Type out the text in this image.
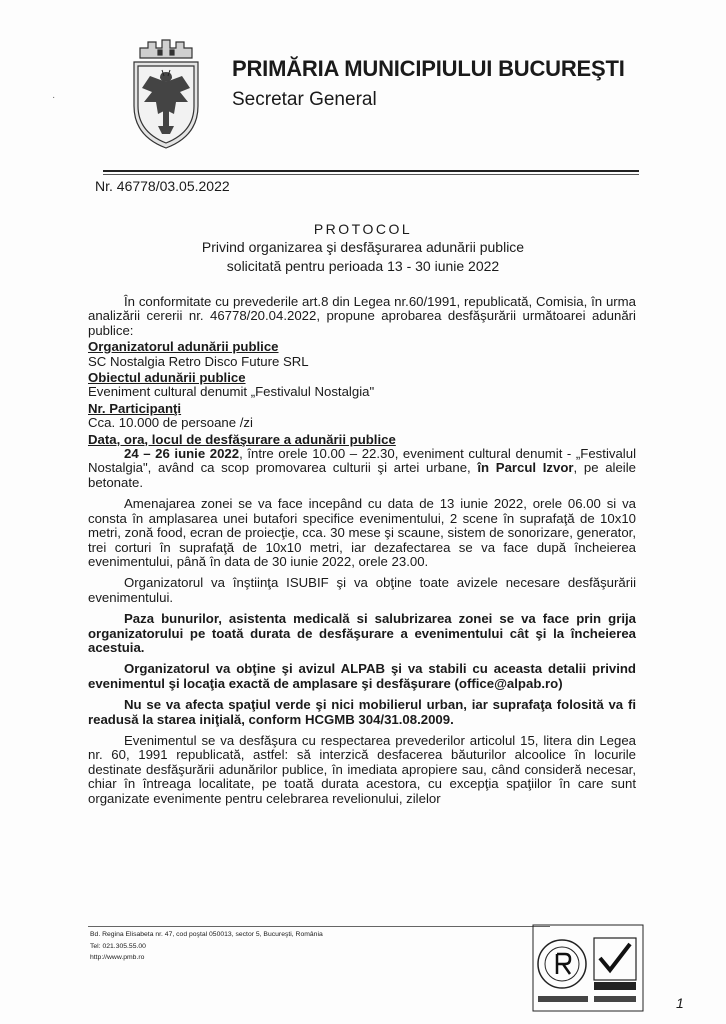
PRIMĂRIA MUNICIPIULUI BUCUREŞTI
Secretar General
·
Nr. 46778/03.05.2022
PROTOCOL
Privind organizarea şi desfăşurarea adunării publice
solicitată pentru perioada 13 - 30 iunie 2022

În conformitate cu prevederile art.8 din Legea nr.60/1991, republicată, Comisia, în urma analizării cererii nr. 46778/20.04.2022, propune aprobarea desfăşurării următoarei adunări publice:

Organizatorul adunării publice

SC Nostalgia Retro Disco Future SRL

Obiectul adunării publice

Eveniment cultural denumit „Festivalul Nostalgia"

Nr. Participanţi

Cca. 10.000 de persoane /zi

Data, ora, locul de desfăşurare a adunării publice

24 – 26 iunie 2022, între orele 10.00 – 22.30, eveniment cultural denumit - „Festivalul Nostalgia", având ca scop promovarea culturii şi artei urbane, în Parcul Izvor, pe aleile betonate.

Amenajarea zonei se va face incepând cu data de 13 iunie 2022, orele 06.00 si va consta în amplasarea unei butafori specifice evenimentului, 2 scene în suprafaţă de 10x10 metri, zonă food, ecran de proiecţie, cca. 30 mese şi scaune, sistem de sonorizare, generator, trei corturi în suprafaţă de 10x10 metri, iar dezafectarea se va face după încheierea evenimentului, până în data de 30 iunie 2022, orele 23.00.

Organizatorul va înştiinţa ISUBIF şi va obţine toate avizele necesare desfăşurării evenimentului.

Paza bunurilor, asistenta medicală si salubrizarea zonei se va face prin grija organizatorului pe toată durata de desfăşurare a evenimentului cât şi la încheierea acestuia.

Organizatorul va obţine şi avizul ALPAB şi va stabili cu aceasta detalii privind evenimentul şi locaţia exactă de amplasare şi desfăşurare (office@alpab.ro)

Nu se va afecta spaţiul verde şi nici mobilierul urban, iar suprafaţa folosită va fi readusă la starea iniţială, conform HCGMB 304/31.08.2009.

Evenimentul se va desfăşura cu respectarea prevederilor articolul 15, litera din Legea nr. 60, 1991 republicată, astfel: să interzică desfacerea băuturilor alcoolice în locurile destinate desfăşurării adunărilor publice, în imediata apropiere sau, când consideră necesar, chiar în întreaga localitate, pe toată durata acestora, cu excepţia spaţiilor în care sunt organizate evenimente pentru celebrarea revelionului, zilelor

Bd. Regina Elisabeta nr. 47, cod poştal 050013, sector 5, Bucureşti, România
Tel: 021.305.55.00
http://www.pmb.ro
1
